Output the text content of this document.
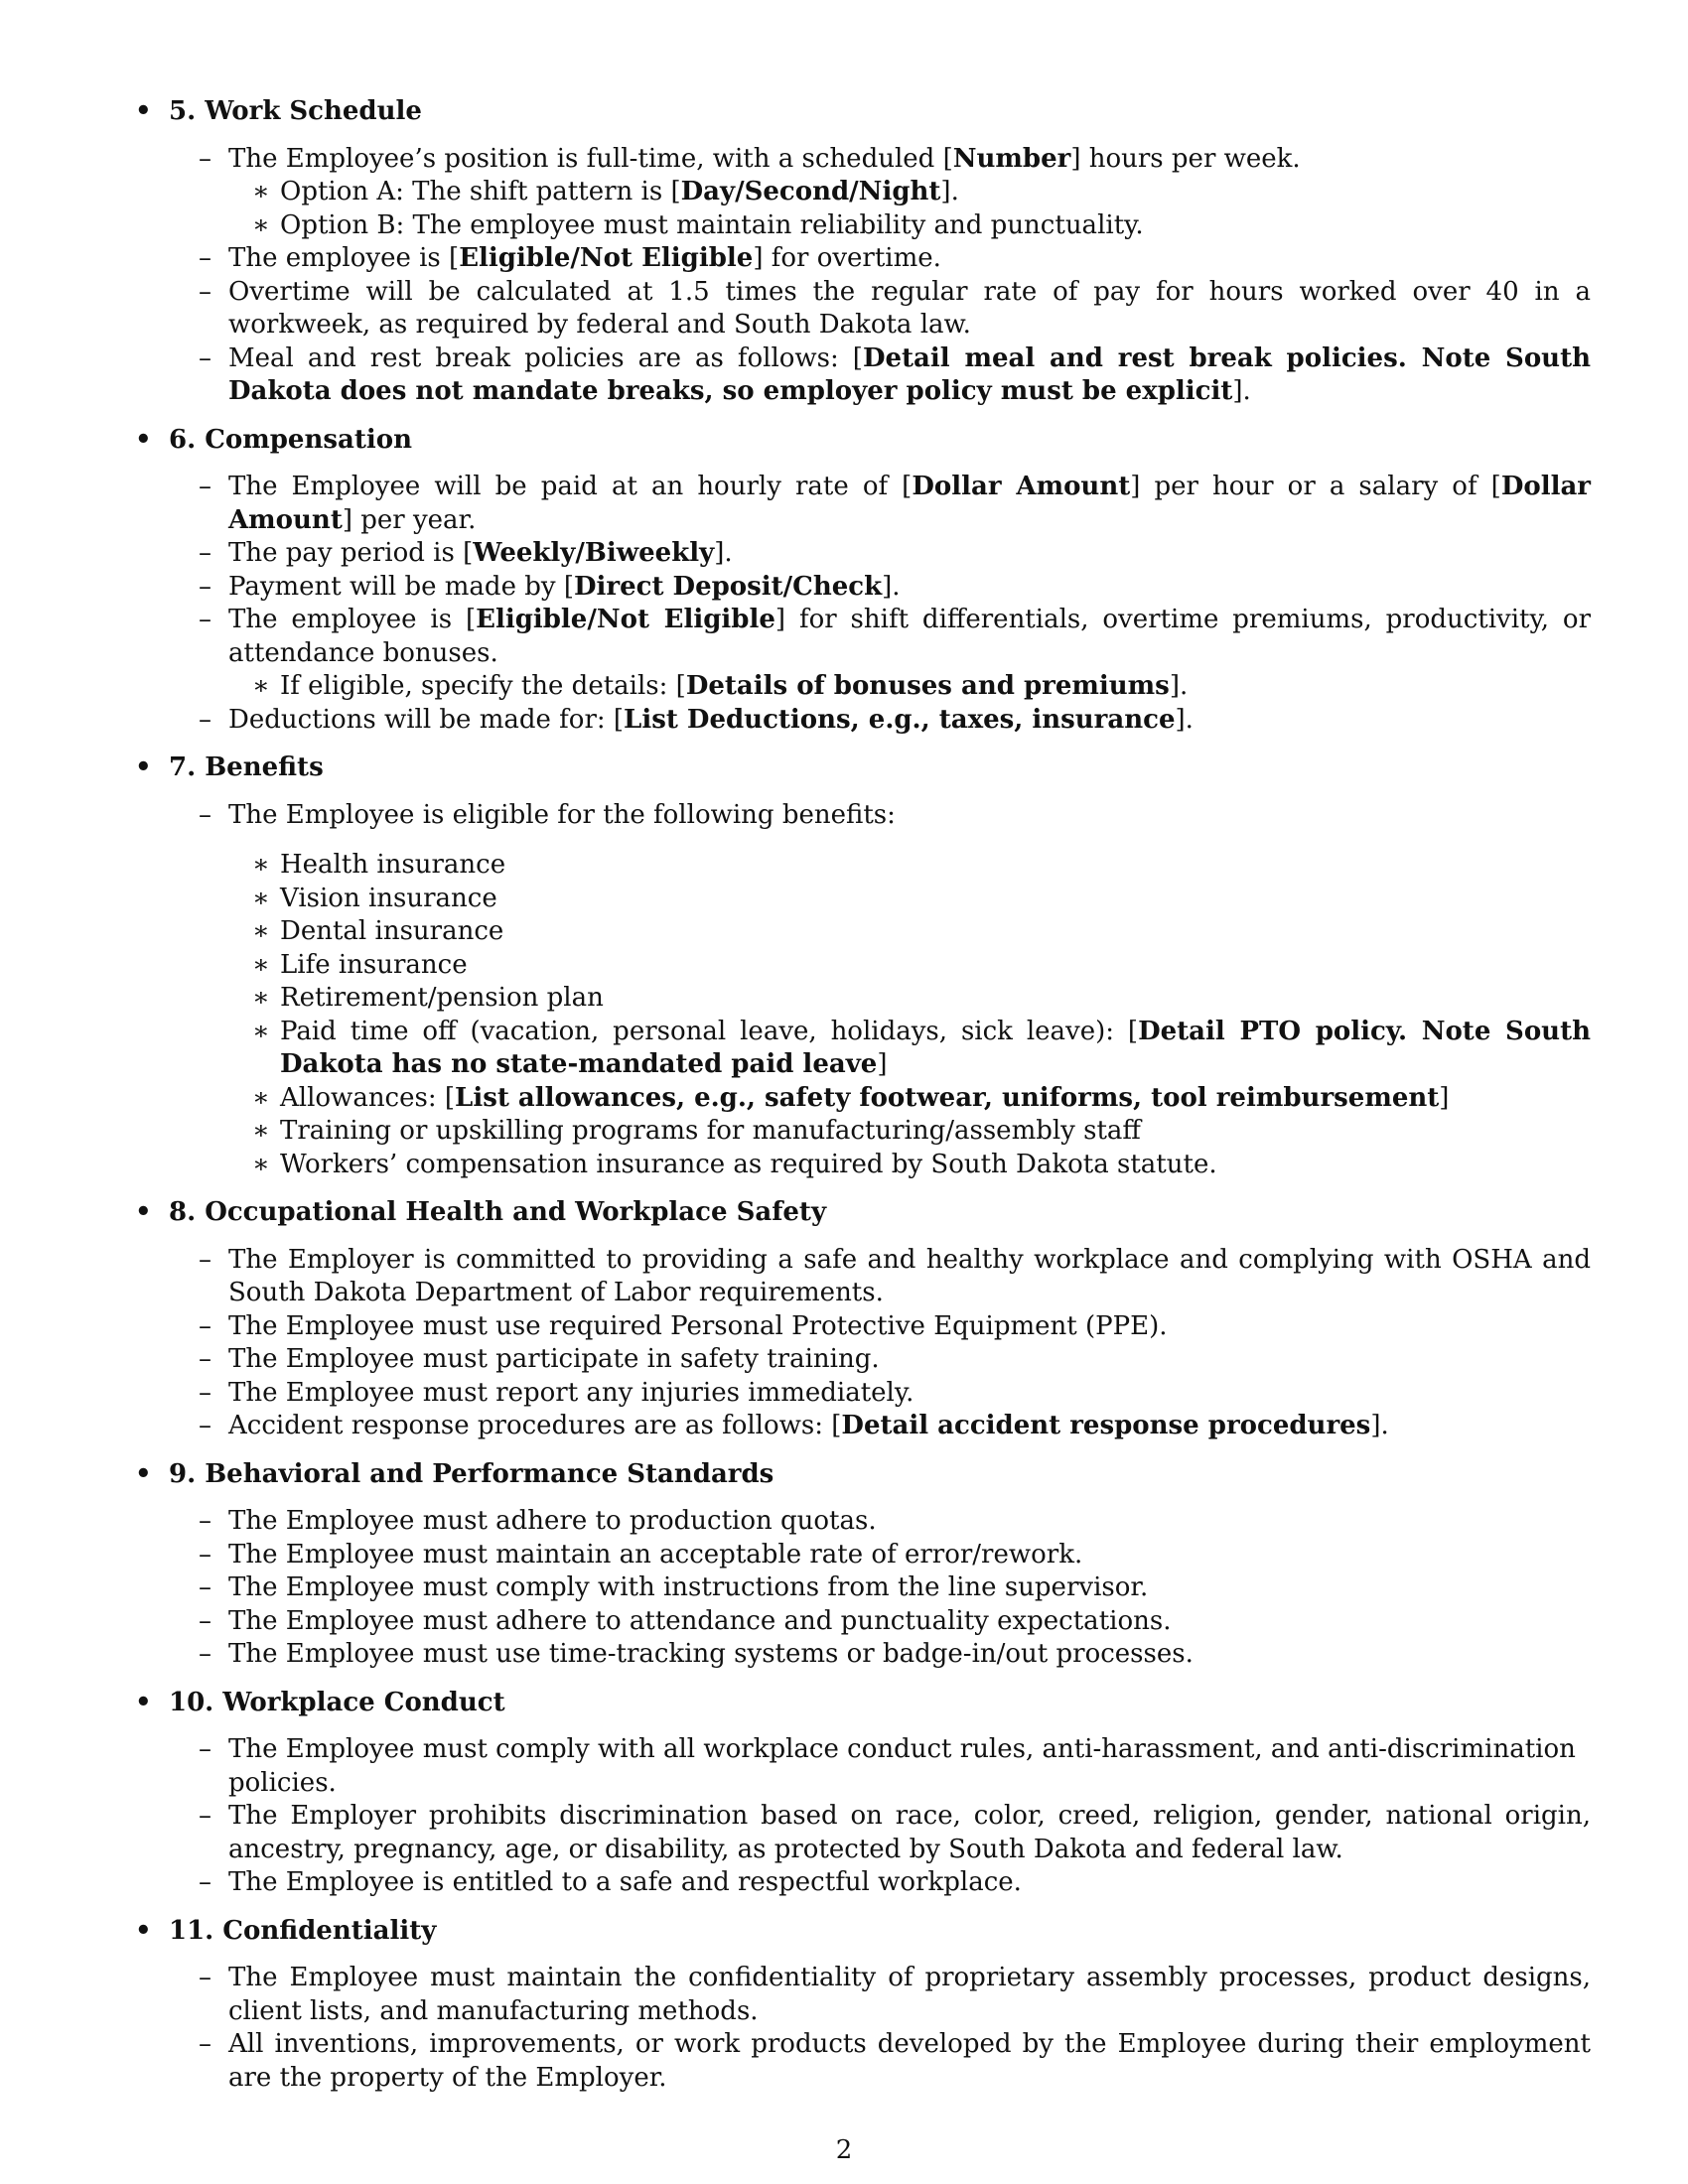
• 5. Work Schedule
– The Employee’s position is full-time, with a scheduled [Number] hours per week.
∗ Option A: The shift pattern is [Day/Second/Night].
∗ Option B: The employee must maintain reliability and punctuality.
– The employee is [Eligible/Not Eligible] for overtime.
– Overtime will be calculated at 1.5 times the regular rate of pay for hours worked over 40 in a workweek, as required by federal and South Dakota law.
– Meal and rest break policies are as follows: [Detail meal and rest break policies. Note South Dakota does not mandate breaks, so employer policy must be explicit].
• 6. Compensation
– The Employee will be paid at an hourly rate of [Dollar Amount] per hour or a salary of [Dollar Amount] per year.
– The pay period is [Weekly/Biweekly].
– Payment will be made by [Direct Deposit/Check].
– The employee is [Eligible/Not Eligible] for shift differentials, overtime premiums, productivity, or attendance bonuses.
∗ If eligible, specify the details: [Details of bonuses and premiums].
– Deductions will be made for: [List Deductions, e.g., taxes, insurance].
• 7. Benefits
– The Employee is eligible for the following benefits:
∗ Health insurance
∗ Vision insurance
∗ Dental insurance
∗ Life insurance
∗ Retirement/pension plan
∗ Paid time off (vacation, personal leave, holidays, sick leave): [Detail PTO policy. Note South Dakota has no state-mandated paid leave]
∗ Allowances: [List allowances, e.g., safety footwear, uniforms, tool reimbursement]
∗ Training or upskilling programs for manufacturing/assembly staff
∗ Workers’ compensation insurance as required by South Dakota statute.
• 8. Occupational Health and Workplace Safety
– The Employer is committed to providing a safe and healthy workplace and complying with OSHA and South Dakota Department of Labor requirements.
– The Employee must use required Personal Protective Equipment (PPE).
– The Employee must participate in safety training.
– The Employee must report any injuries immediately.
– Accident response procedures are as follows: [Detail accident response procedures].
• 9. Behavioral and Performance Standards
– The Employee must adhere to production quotas.
– The Employee must maintain an acceptable rate of error/rework.
– The Employee must comply with instructions from the line supervisor.
– The Employee must adhere to attendance and punctuality expectations.
– The Employee must use time-tracking systems or badge-in/out processes.
• 10. Workplace Conduct
– The Employee must comply with all workplace conduct rules, anti-harassment, and anti-discrimination policies.
– The Employer prohibits discrimination based on race, color, creed, religion, gender, national origin, ancestry, pregnancy, age, or disability, as protected by South Dakota and federal law.
– The Employee is entitled to a safe and respectful workplace.
• 11. Confidentiality
– The Employee must maintain the confidentiality of proprietary assembly processes, product designs, client lists, and manufacturing methods.
– All inventions, improvements, or work products developed by the Employee during their employment are the property of the Employer.
2
